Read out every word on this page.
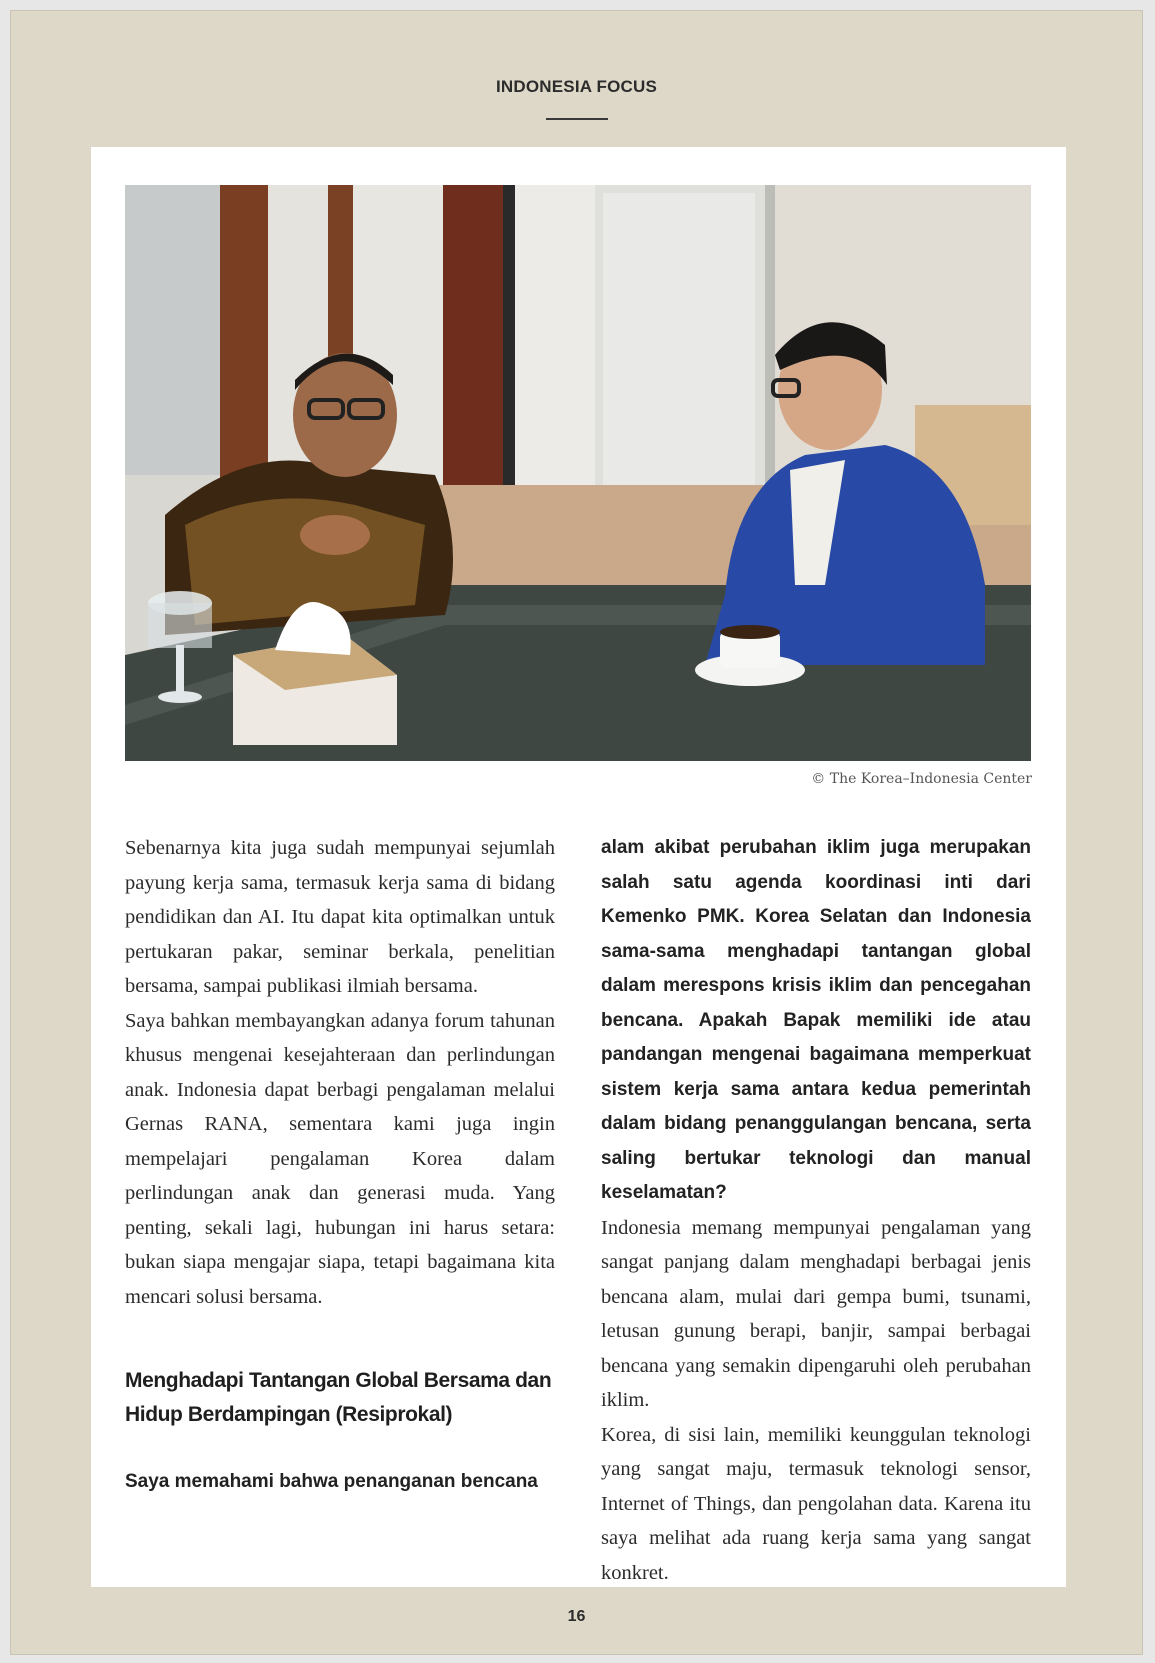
INDONESIA FOCUS
© The Korea–Indonesia Center

Sebenarnya kita juga sudah mempunyai sejumlah payung kerja sama, termasuk kerja sama di bidang pendidikan dan AI. Itu dapat kita optimalkan untuk pertukaran pakar, seminar berkala, penelitian bersama, sampai publikasi ilmiah bersama.

Saya bahkan membayangkan adanya forum tahunan khusus mengenai kesejahteraan dan perlindungan anak. Indonesia dapat berbagi pengalaman melalui Gernas RANA, sementara kami juga ingin mempelajari pengalaman Korea dalam perlindungan anak dan generasi muda. Yang penting, sekali lagi, hubungan ini harus setara: bukan siapa mengajar siapa, tetapi bagaimana kita mencari solusi bersama.

Menghadapi Tantangan Global Bersama dan Hidup Berdampingan (Resiprokal)

Saya memahami bahwa penanganan bencana

alam akibat perubahan iklim juga merupakan salah satu agenda koordinasi inti dari Kemenko PMK. Korea Selatan dan Indonesia sama-sama menghadapi tantangan global dalam merespons krisis iklim dan pencegahan bencana. Apakah Bapak memiliki ide atau pandangan mengenai bagaimana memperkuat sistem kerja sama antara kedua pemerintah dalam bidang penanggulangan bencana, serta saling bertukar teknologi dan manual keselamatan?

Indonesia memang mempunyai pengalaman yang sangat panjang dalam menghadapi berbagai jenis bencana alam, mulai dari gempa bumi, tsunami, letusan gunung berapi, banjir, sampai berbagai bencana yang semakin dipengaruhi oleh perubahan iklim.

Korea, di sisi lain, memiliki keunggulan teknologi yang sangat maju, termasuk teknologi sensor, Internet of Things, dan pengolahan data. Karena itu saya melihat ada ruang kerja sama yang sangat konkret.

16
